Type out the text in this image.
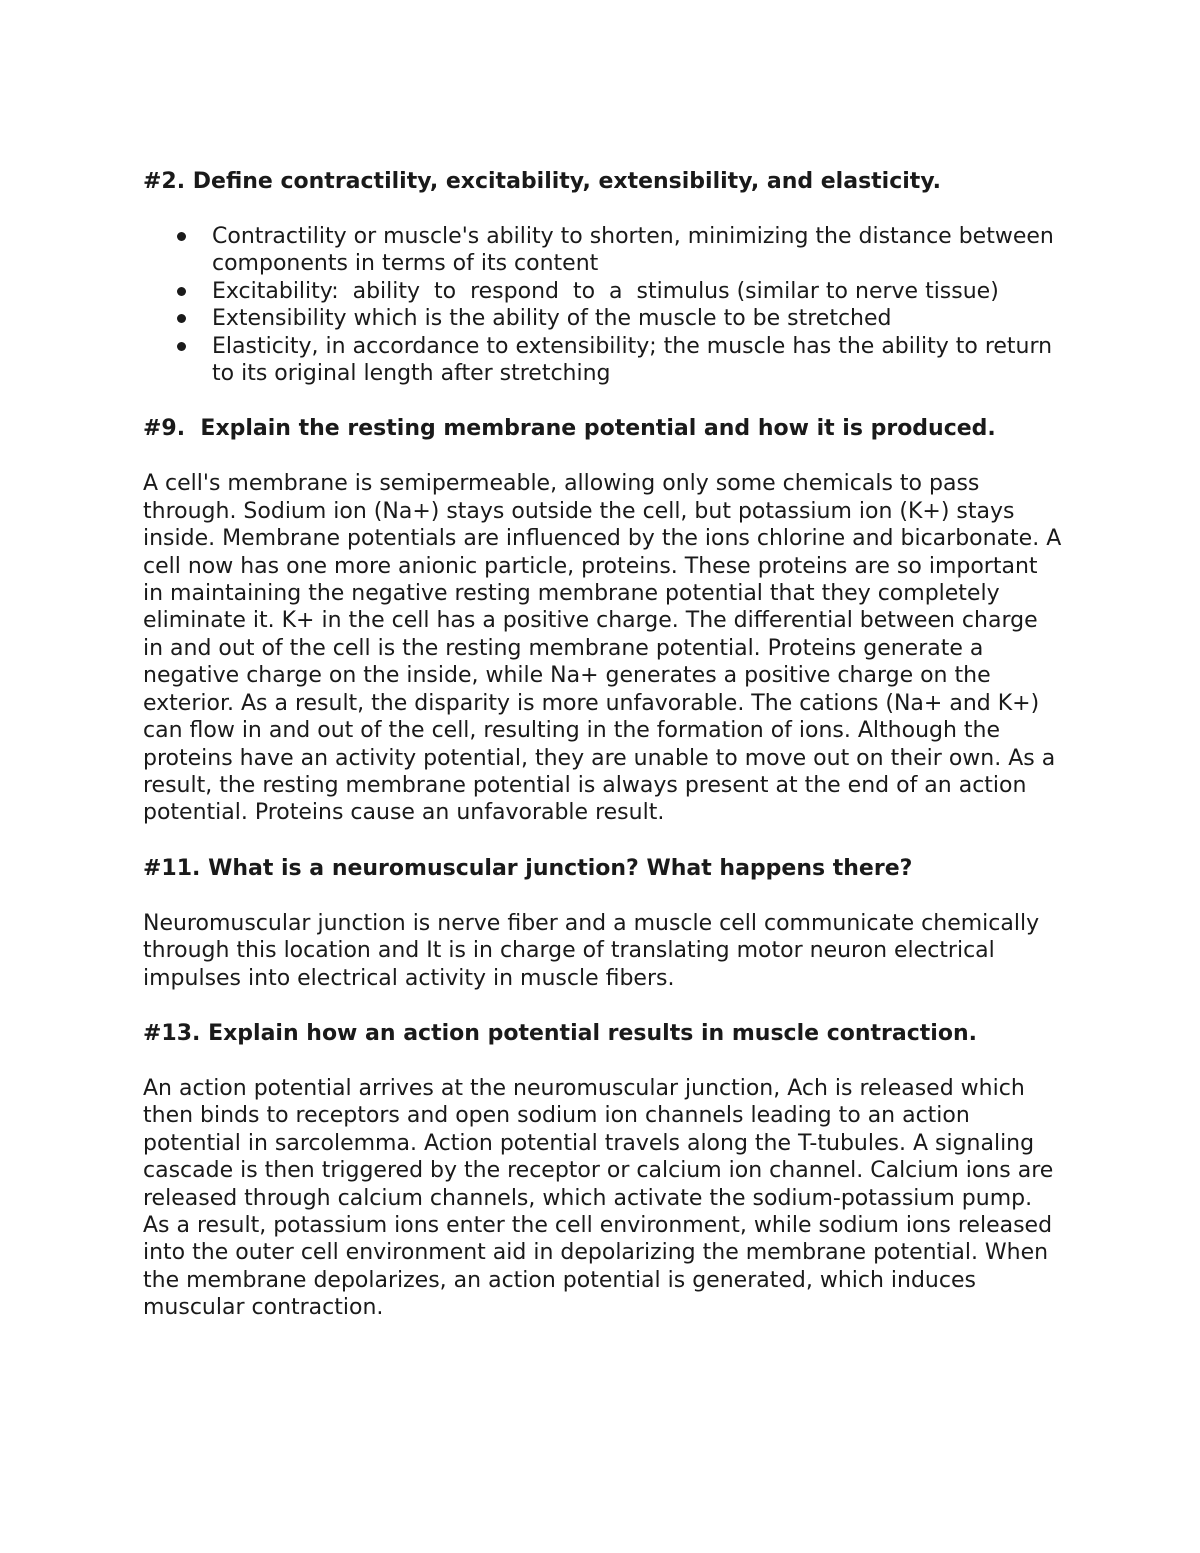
#2. Define contractility, excitability, extensibility, and elasticity.
Contractility or muscle's ability to shorten, minimizing the distance between components in terms of its content
Excitability:  ability  to  respond  to  a  stimulus (similar to nerve tissue)
Extensibility which is the ability of the muscle to be stretched
Elasticity, in accordance to extensibility; the muscle has the ability to return to its original length after stretching
#9.  Explain the resting membrane potential and how it is produced.

A cell's membrane is semipermeable, allowing only some chemicals to pass through. Sodium ion (Na+) stays outside the cell, but potassium ion (K+) stays inside. Membrane potentials are influenced by the ions chlorine and bicarbonate. A cell now has one more anionic particle, proteins. These proteins are so important in maintaining the negative resting membrane potential that they completely eliminate it. K+ in the cell has a positive charge. The differential between charge in and out of the cell is the resting membrane potential. Proteins generate a negative charge on the inside, while Na+ generates a positive charge on the exterior. As a result, the disparity is more unfavorable. The cations (Na+ and K+) can flow in and out of the cell, resulting in the formation of ions. Although the proteins have an activity potential, they are unable to move out on their own. As a result, the resting membrane potential is always present at the end of an action potential. Proteins cause an unfavorable result.

#11. What is a neuromuscular junction? What happens there?

Neuromuscular junction is nerve fiber and a muscle cell communicate chemically through this location and It is in charge of translating motor neuron electrical impulses into electrical activity in muscle fibers.

#13. Explain how an action potential results in muscle contraction.

An action potential arrives at the neuromuscular junction, Ach is released which then binds to receptors and open sodium ion channels leading to an action potential in sarcolemma. Action potential travels along the T-tubules. A signaling cascade is then triggered by the receptor or calcium ion channel. Calcium ions are released through calcium channels, which activate the sodium-potassium pump. As a result, potassium ions enter the cell environment, while sodium ions released into the outer cell environment aid in depolarizing the membrane potential. When the membrane depolarizes, an action potential is generated, which induces muscular contraction.
